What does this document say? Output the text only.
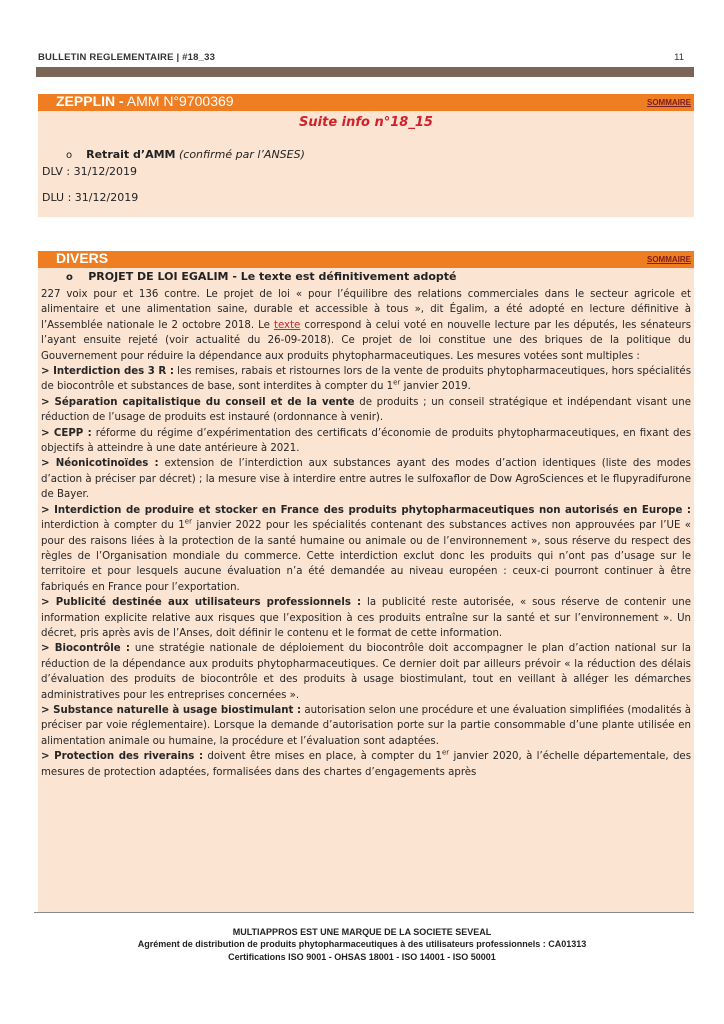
BULLETIN REGLEMENTAIRE | #18_33	11
ZEPPLIN - AMM N°9700369	SOMMAIRE
Suite info n°18_15
o Retrait d’AMM (confirmé par l’ANSES)
DLV : 31/12/2019
DLU : 31/12/2019
DIVERS	SOMMAIRE
o PROJET DE LOI EGALIM - Le texte est définitivement adopté

227 voix pour et 136 contre. Le projet de loi « pour l’équilibre des relations commerciales dans le secteur agricole et alimentaire et une alimentation saine, durable et accessible à tous », dit Égalim, a été adopté en lecture définitive à l’Assemblée nationale le 2 octobre 2018. Le texte correspond à celui voté en nouvelle lecture par les députés, les sénateurs l’ayant ensuite rejeté (voir actualité du 26-09-2018). Ce projet de loi constitue une des briques de la politique du Gouvernement pour réduire la dépendance aux produits phytopharmaceutiques. Les mesures votées sont multiples :

> Interdiction des 3 R : les remises, rabais et ristournes lors de la vente de produits phytopharmaceutiques, hors spécialités de biocontrôle et substances de base, sont interdites à compter du 1er janvier 2019.

> Séparation capitalistique du conseil et de la vente de produits ; un conseil stratégique et indépendant visant une réduction de l’usage de produits est instauré (ordonnance à venir).

> CEPP : réforme du régime d’expérimentation des certificats d’économie de produits phytopharmaceutiques, en fixant des objectifs à atteindre à une date antérieure à 2021.

> Néonicotinoïdes : extension de l’interdiction aux substances ayant des modes d’action identiques (liste des modes d’action à préciser par décret) ; la mesure vise à interdire entre autres le sulfoxaflor de Dow AgroSciences et le flupyradifurone de Bayer.

> Interdiction de produire et stocker en France des produits phytopharmaceutiques non autorisés en Europe : interdiction à compter du 1er janvier 2022 pour les spécialités contenant des substances actives non approuvées par l’UE « pour des raisons liées à la protection de la santé humaine ou animale ou de l’environnement », sous réserve du respect des règles de l’Organisation mondiale du commerce. Cette interdiction exclut donc les produits qui n’ont pas d’usage sur le territoire et pour lesquels aucune évaluation n’a été demandée au niveau européen : ceux-ci pourront continuer à être fabriqués en France pour l’exportation.

> Publicité destinée aux utilisateurs professionnels : la publicité reste autorisée, « sous réserve de contenir une information explicite relative aux risques que l’exposition à ces produits entraîne sur la santé et sur l’environnement ». Un décret, pris après avis de l’Anses, doit définir le contenu et le format de cette information.

> Biocontrôle : une stratégie nationale de déploiement du biocontrôle doit accompagner le plan d’action national sur la réduction de la dépendance aux produits phytopharmaceutiques. Ce dernier doit par ailleurs prévoir « la réduction des délais d’évaluation des produits de biocontrôle et des produits à usage biostimulant, tout en veillant à alléger les démarches administratives pour les entreprises concernées ».

> Substance naturelle à usage biostimulant : autorisation selon une procédure et une évaluation simplifiées (modalités à préciser par voie réglementaire). Lorsque la demande d’autorisation porte sur la partie consommable d’une plante utilisée en alimentation animale ou humaine, la procédure et l’évaluation sont adaptées.

> Protection des riverains : doivent être mises en place, à compter du 1er janvier 2020, à l’échelle départementale, des mesures de protection adaptées, formalisées dans des chartes d’engagements après

MULTIAPPROS EST UNE MARQUE DE LA SOCIETE SEVEAL
Agrément de distribution de produits phytopharmaceutiques à des utilisateurs professionnels : CA01313
Certifications ISO 9001 - OHSAS 18001 - ISO 14001 - ISO 50001
